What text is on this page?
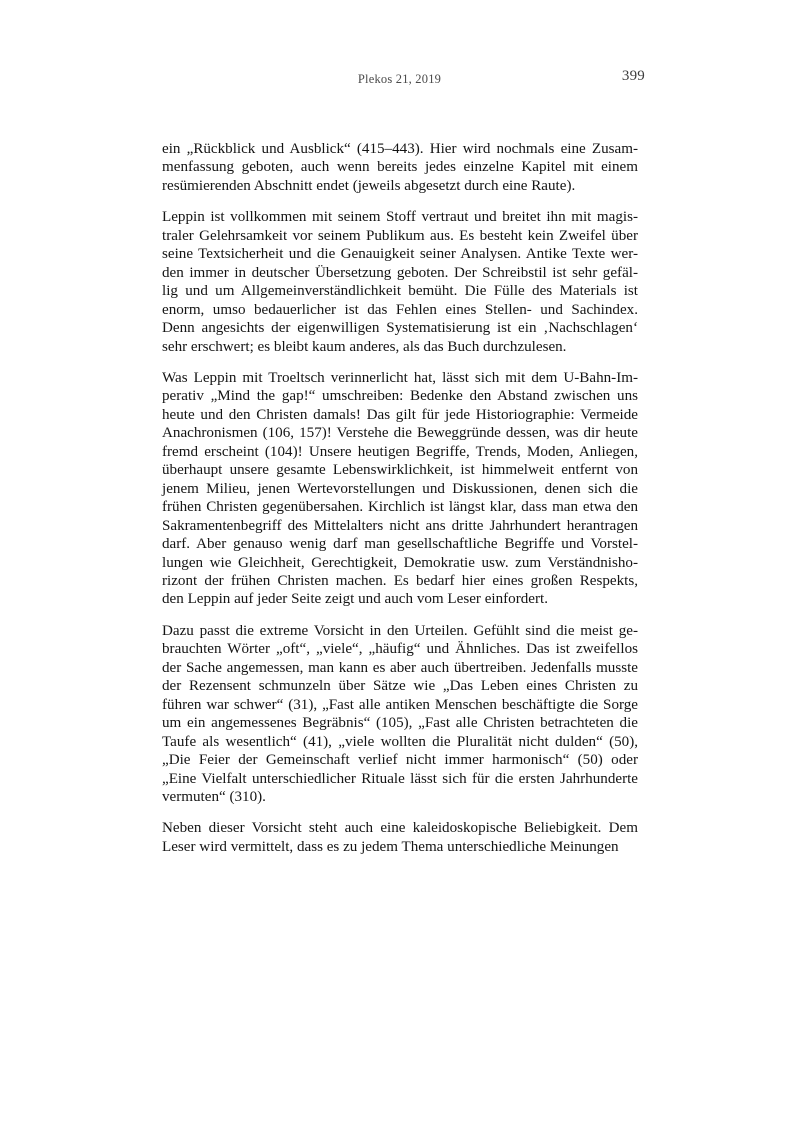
Plekos 21, 2019	399

ein „Rückblick und Ausblick“ (415–443). Hier wird nochmals eine Zusam-
menfassung geboten, auch wenn bereits jedes einzelne Kapitel mit einem
resümierenden Abschnitt endet (jeweils abgesetzt durch eine Raute).

Leppin ist vollkommen mit seinem Stoff vertraut und breitet ihn mit magis-
traler Gelehrsamkeit vor seinem Publikum aus. Es besteht kein Zweifel über
seine Textsicherheit und die Genauigkeit seiner Analysen. Antike Texte wer-
den immer in deutscher Übersetzung geboten. Der Schreibstil ist sehr gefäl-
lig und um Allgemeinverständlichkeit bemüht. Die Fülle des Materials ist
enorm, umso bedauerlicher ist das Fehlen eines Stellen- und Sachindex.
Denn angesichts der eigenwilligen Systematisierung ist ein ‚Nachschlagen‘
sehr erschwert; es bleibt kaum anderes, als das Buch durchzulesen.

Was Leppin mit Troeltsch verinnerlicht hat, lässt sich mit dem U-Bahn-Im-
perativ „Mind the gap!“ umschreiben: Bedenke den Abstand zwischen uns
heute und den Christen damals! Das gilt für jede Historiographie: Vermeide
Anachronismen (106, 157)! Verstehe die Beweggründe dessen, was dir heute
fremd erscheint (104)! Unsere heutigen Begriffe, Trends, Moden, Anliegen,
überhaupt unsere gesamte Lebenswirklichkeit, ist himmelweit entfernt von
jenem Milieu, jenen Wertevorstellungen und Diskussionen, denen sich die
frühen Christen gegenübersahen. Kirchlich ist längst klar, dass man etwa den
Sakramentenbegriff des Mittelalters nicht ans dritte Jahrhundert herantragen
darf. Aber genauso wenig darf man gesellschaftliche Begriffe und Vorstel-
lungen wie Gleichheit, Gerechtigkeit, Demokratie usw. zum Verständnisho-
rizont der frühen Christen machen. Es bedarf hier eines großen Respekts,
den Leppin auf jeder Seite zeigt und auch vom Leser einfordert.

Dazu passt die extreme Vorsicht in den Urteilen. Gefühlt sind die meist ge-
brauchten Wörter „oft“, „viele“, „häufig“ und Ähnliches. Das ist zweifellos
der Sache angemessen, man kann es aber auch übertreiben. Jedenfalls musste
der Rezensent schmunzeln über Sätze wie „Das Leben eines Christen zu
führen war schwer“ (31), „Fast alle antiken Menschen beschäftigte die Sorge
um ein angemessenes Begräbnis“ (105), „Fast alle Christen betrachteten die
Taufe als wesentlich“ (41), „viele wollten die Pluralität nicht dulden“ (50),
„Die Feier der Gemeinschaft verlief nicht immer harmonisch“ (50) oder
„Eine Vielfalt unterschiedlicher Rituale lässt sich für die ersten Jahrhunderte
vermuten“ (310).

Neben dieser Vorsicht steht auch eine kaleidoskopische Beliebigkeit. Dem
Leser wird vermittelt, dass es zu jedem Thema unterschiedliche Meinungen
